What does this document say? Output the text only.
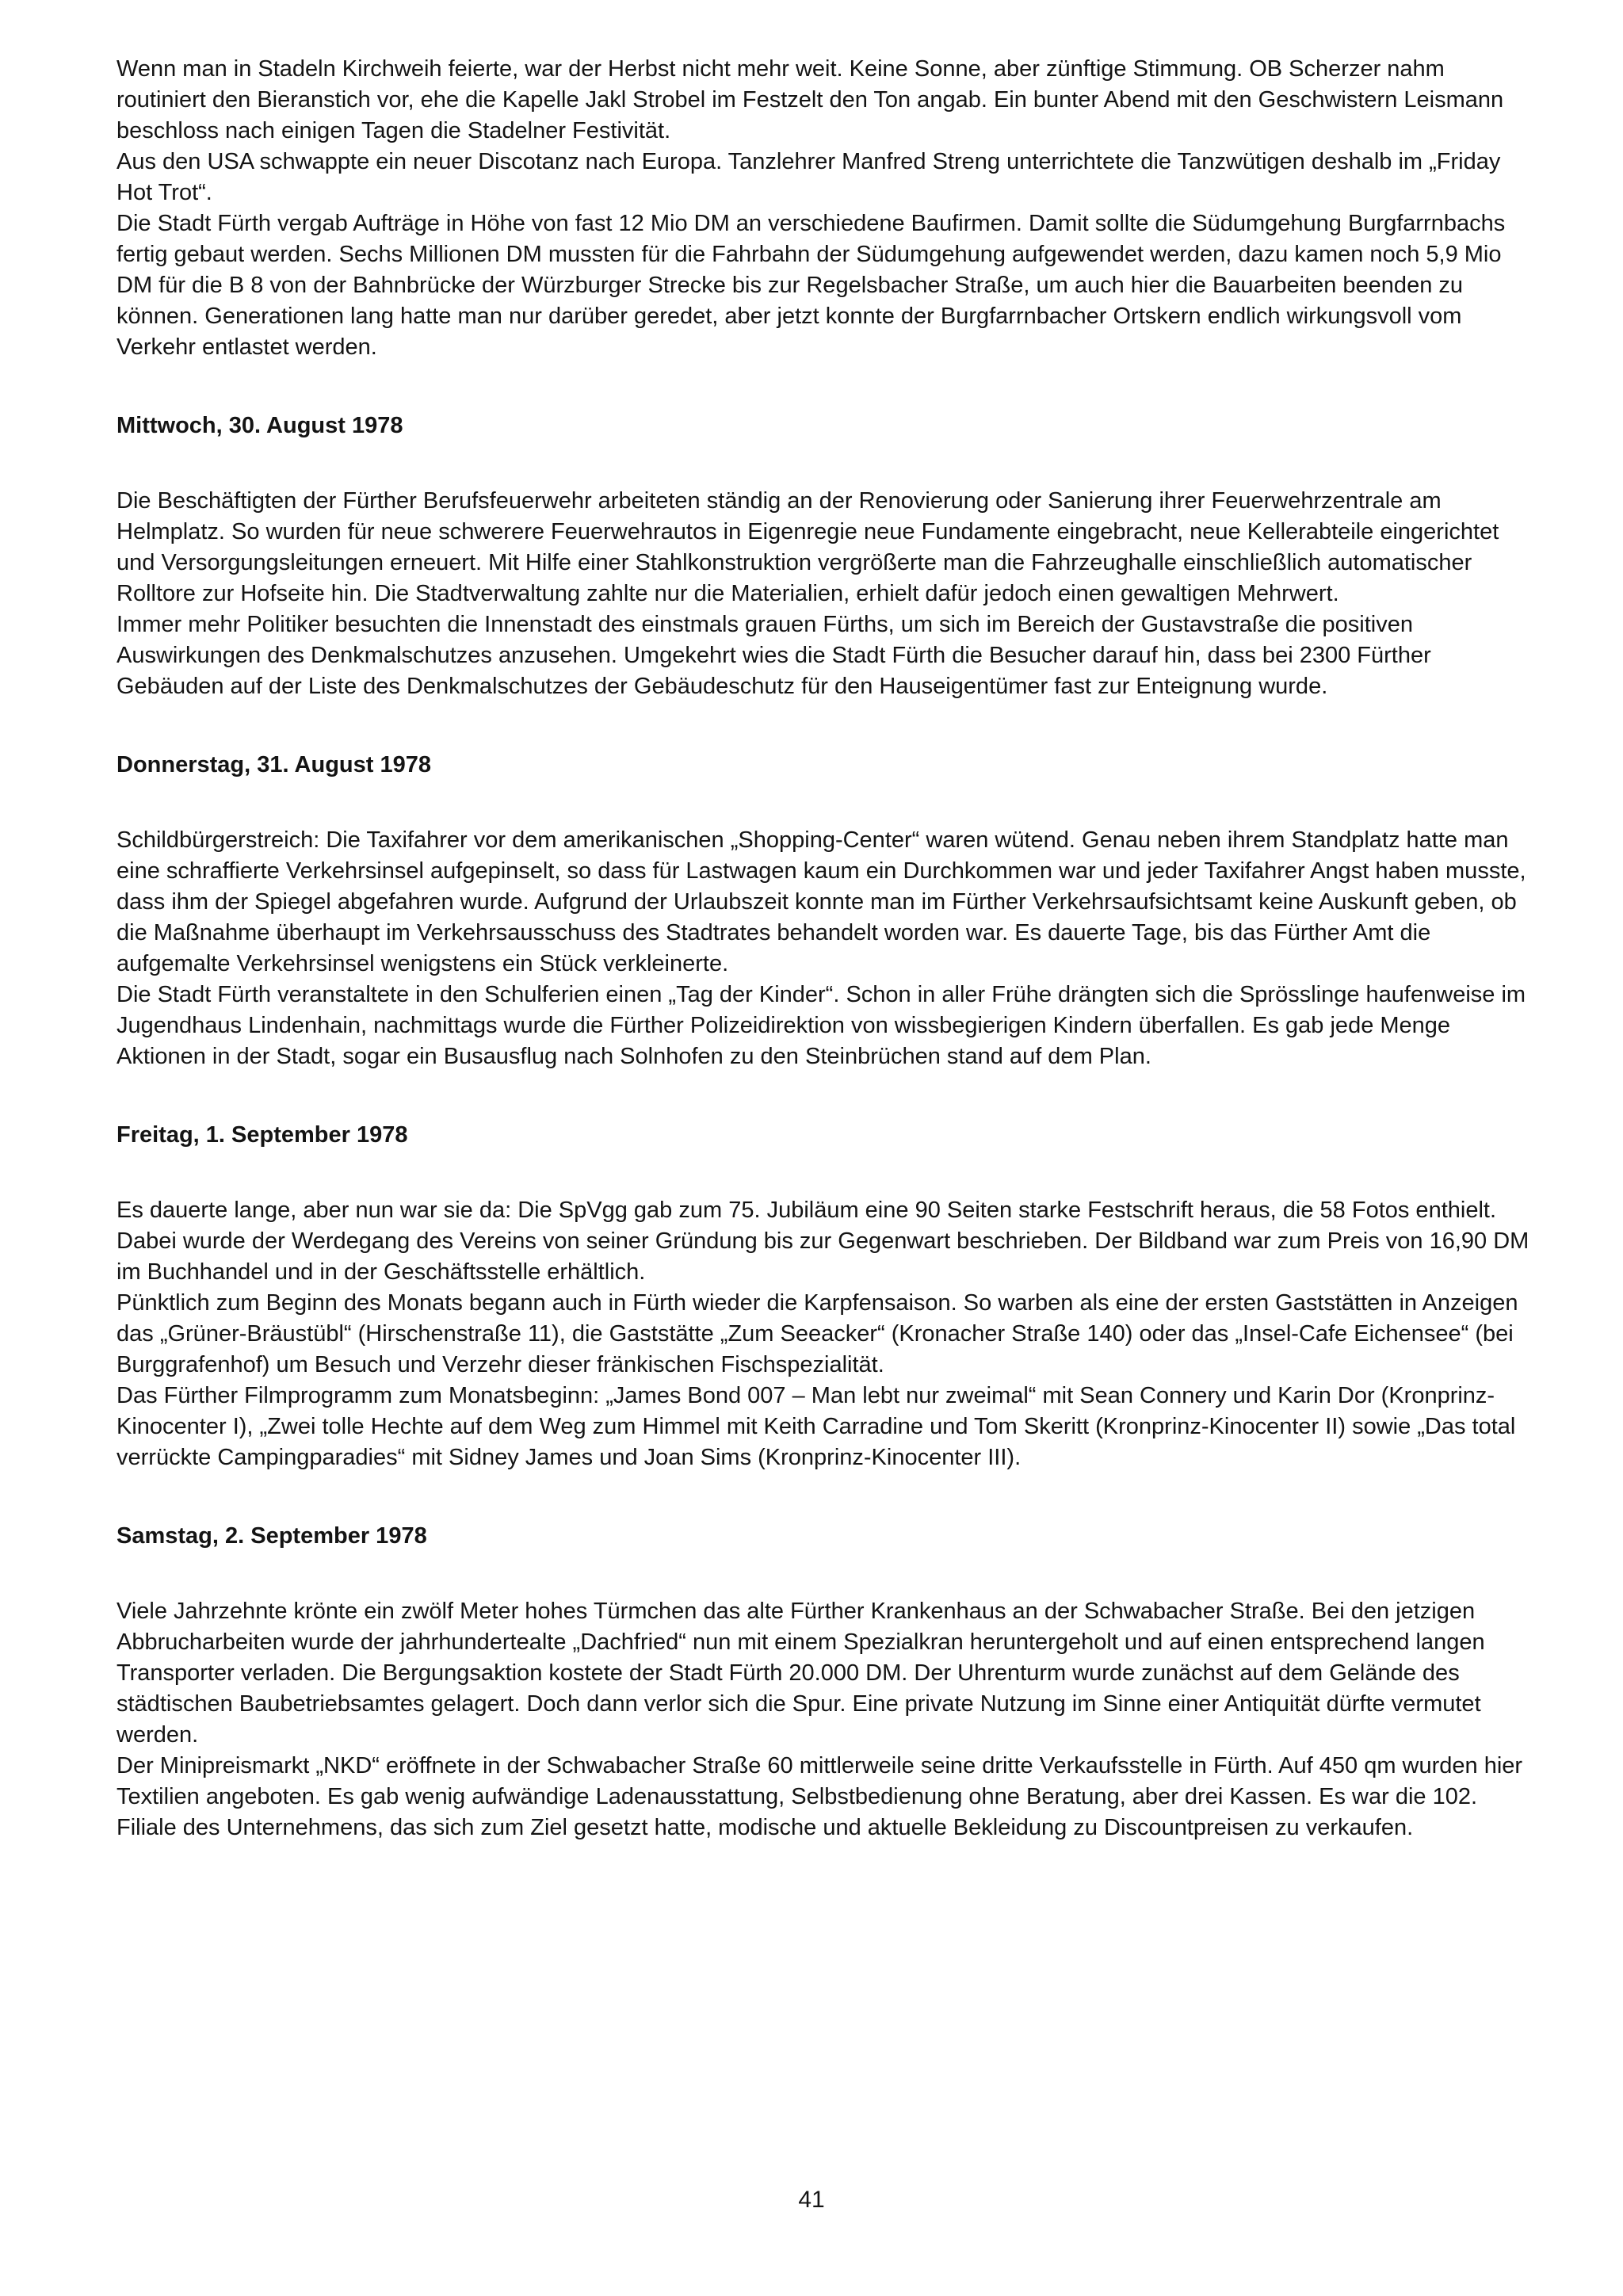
Wenn man in Stadeln Kirchweih feierte, war der Herbst nicht mehr weit. Keine Sonne, aber zünftige Stimmung. OB Scherzer nahm routiniert den Bieranstich vor, ehe die Kapelle Jakl Strobel im Festzelt den Ton angab. Ein bunter Abend mit den Geschwistern Leismann beschloss nach einigen Tagen die Stadelner Festivität.

Aus den USA schwappte ein neuer Discotanz nach Europa. Tanzlehrer Manfred Streng unterrichtete die Tanzwütigen deshalb im „Friday Hot Trot“.

Die Stadt Fürth vergab Aufträge in Höhe von fast 12 Mio DM an verschiedene Baufirmen. Damit sollte die Südumgehung Burgfarrnbachs fertig gebaut werden. Sechs Millionen DM mussten für die Fahrbahn der Südumgehung aufgewendet werden, dazu kamen noch 5,9 Mio DM für die B 8 von der Bahnbrücke der Würzburger Strecke bis zur Regelsbacher Straße, um auch hier die Bauarbeiten beenden zu können. Generationen lang hatte man nur darüber geredet, aber jetzt konnte der Burgfarrnbacher Ortskern endlich wirkungsvoll vom Verkehr entlastet werden.

Mittwoch, 30. August 1978

Die Beschäftigten der Fürther Berufsfeuerwehr arbeiteten ständig an der Renovierung oder Sanierung ihrer Feuerwehrzentrale am Helmplatz. So wurden für neue schwerere Feuerwehrautos in Eigenregie neue Fundamente eingebracht, neue Kellerabteile eingerichtet und Versorgungsleitungen erneuert. Mit Hilfe einer Stahlkonstruktion vergrößerte man die Fahrzeughalle einschließlich automatischer Rolltore zur Hofseite hin. Die Stadtverwaltung zahlte nur die Materialien, erhielt dafür jedoch einen gewaltigen Mehrwert.

Immer mehr Politiker besuchten die Innenstadt des einstmals grauen Fürths, um sich im Bereich der Gustavstraße die positiven Auswirkungen des Denkmalschutzes anzusehen. Umgekehrt wies die Stadt Fürth die Besucher darauf hin, dass bei 2300 Fürther Gebäuden auf der Liste des Denkmalschutzes der Gebäudeschutz für den Hauseigentümer fast zur Enteignung wurde.

Donnerstag, 31. August 1978

Schildbürgerstreich: Die Taxifahrer vor dem amerikanischen „Shopping-Center“ waren wütend. Genau neben ihrem Standplatz hatte man eine schraffierte Verkehrsinsel aufgepinselt, so dass für Lastwagen kaum ein Durchkommen war und jeder Taxifahrer Angst haben musste, dass ihm der Spiegel abgefahren wurde. Aufgrund der Urlaubszeit konnte man im Fürther Verkehrsaufsichtsamt keine Auskunft geben, ob die Maßnahme überhaupt im Verkehrsausschuss des Stadtrates behandelt worden war. Es dauerte Tage, bis das Fürther Amt die aufgemalte Verkehrsinsel wenigstens ein Stück verkleinerte.

Die Stadt Fürth veranstaltete in den Schulferien einen „Tag der Kinder“. Schon in aller Frühe drängten sich die Sprösslinge haufenweise im Jugendhaus Lindenhain, nachmittags wurde die Fürther Polizeidirektion von wissbegierigen Kindern überfallen. Es gab jede Menge Aktionen in der Stadt, sogar ein Busausflug nach Solnhofen zu den Steinbrüchen stand auf dem Plan.

Freitag, 1. September 1978

Es dauerte lange, aber nun war sie da: Die SpVgg gab zum 75. Jubiläum eine 90 Seiten starke Festschrift heraus, die 58 Fotos enthielt. Dabei wurde der Werdegang des Vereins von seiner Gründung bis zur Gegenwart beschrieben. Der Bildband war zum Preis von 16,90 DM im Buchhandel und in der Geschäftsstelle erhältlich.

Pünktlich zum Beginn des Monats begann auch in Fürth wieder die Karpfensaison. So warben als eine der ersten Gaststätten in Anzeigen das „Grüner-Bräustübl“ (Hirschenstraße 11), die Gaststätte „Zum Seeacker“ (Kronacher Straße 140) oder das „Insel-Cafe Eichensee“ (bei Burggrafenhof) um Besuch und Verzehr dieser fränkischen Fischspezialität.

Das Fürther Filmprogramm zum Monatsbeginn: „James Bond 007 – Man lebt nur zweimal“ mit Sean Connery und Karin Dor (Kronprinz-Kinocenter I), „Zwei tolle Hechte auf dem Weg zum Himmel mit Keith Carradine und Tom Skeritt (Kronprinz-Kinocenter II) sowie „Das total verrückte Campingparadies“ mit Sidney James und Joan Sims (Kronprinz-Kinocenter III).

Samstag, 2. September 1978

Viele Jahrzehnte krönte ein zwölf Meter hohes Türmchen das alte Fürther Krankenhaus an der Schwabacher Straße. Bei den jetzigen Abbrucharbeiten wurde der jahrhundertealte „Dachfried“ nun mit einem Spezialkran heruntergeholt und auf einen entsprechend langen Transporter verladen. Die Bergungsaktion kostete der Stadt Fürth 20.000 DM. Der Uhrenturm wurde zunächst auf dem Gelände des städtischen Baubetriebsamtes gelagert. Doch dann verlor sich die Spur. Eine private Nutzung im Sinne einer Antiquität dürfte vermutet werden.

Der Minipreismarkt „NKD“ eröffnete in der Schwabacher Straße 60 mittlerweile seine dritte Verkaufsstelle in Fürth. Auf 450 qm wurden hier Textilien angeboten. Es gab wenig aufwändige Ladenausstattung, Selbstbedienung ohne Beratung, aber drei Kassen. Es war die 102. Filiale des Unternehmens, das sich zum Ziel gesetzt hatte, modische und aktuelle Bekleidung zu Discountpreisen zu verkaufen.

41
